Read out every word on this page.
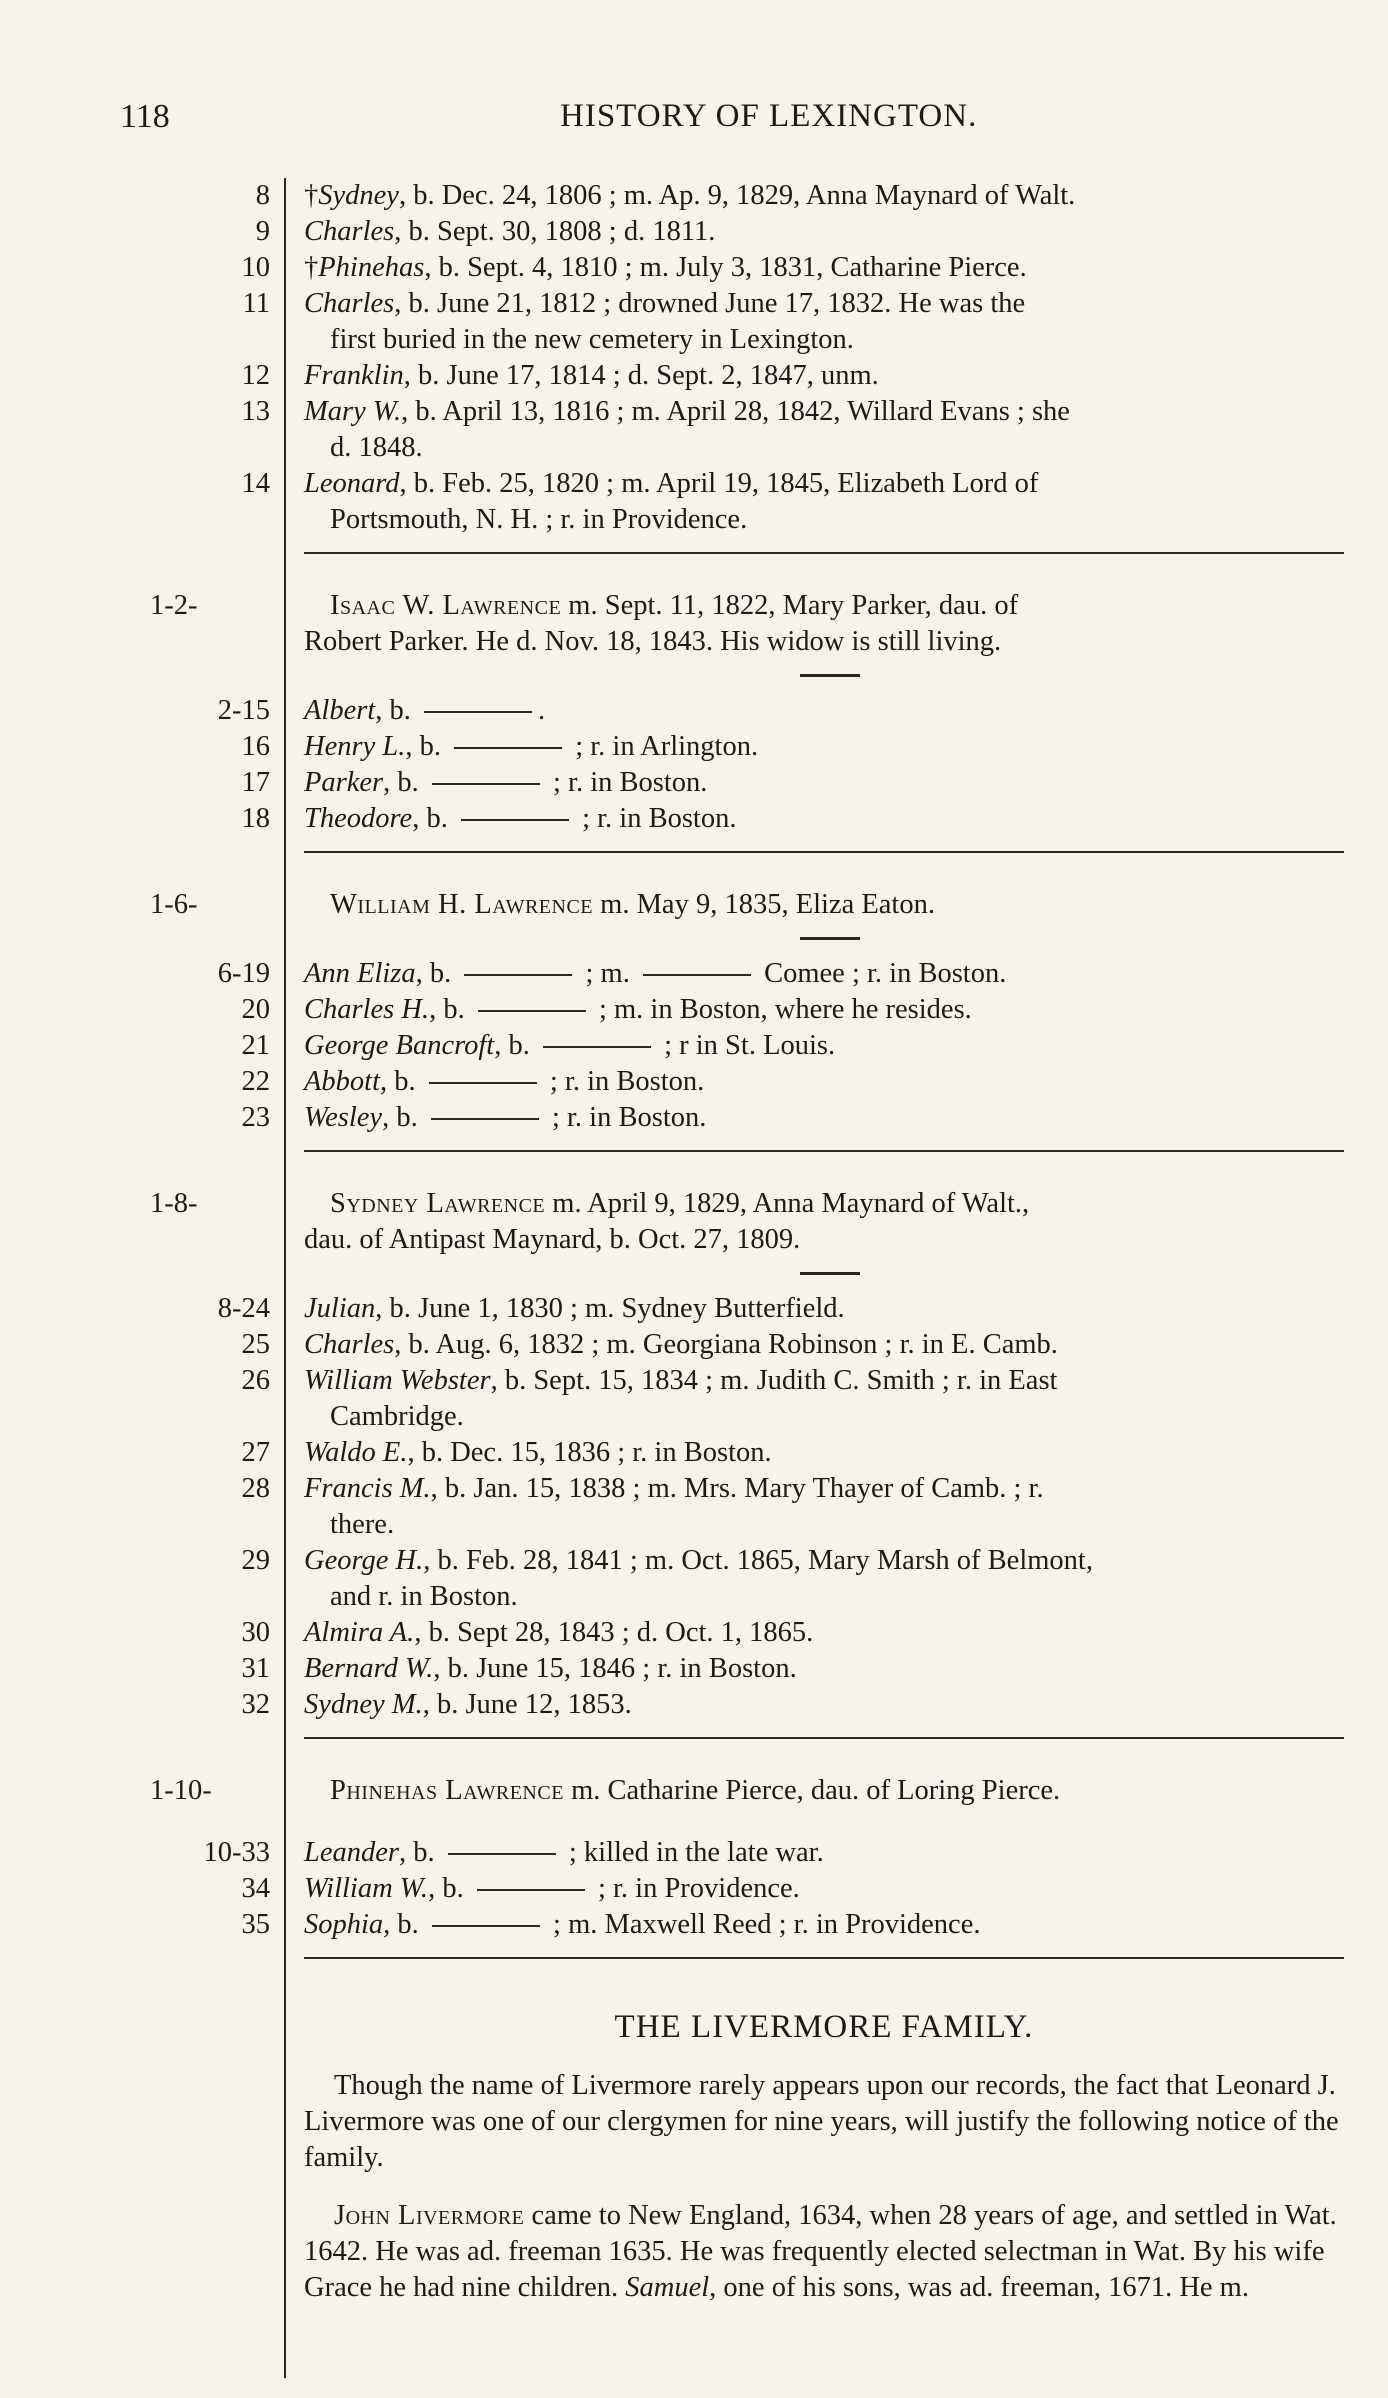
118	HISTORY OF LEXINGTON.
8 †Sydney, b. Dec. 24, 1806 ; m. Ap. 9, 1829, Anna Maynard of Walt.
9 Charles, b. Sept. 30, 1808 ; d. 1811.
10 †Phinehas, b. Sept. 4, 1810 ; m. July 3, 1831, Catharine Pierce.
11 Charles, b. June 21, 1812 ; drowned June 17, 1832. He was the
first buried in the new cemetery in Lexington.
12 Franklin, b. June 17, 1814 ; d. Sept. 2, 1847, unm.
13 Mary W., b. April 13, 1816 ; m. April 28, 1842, Willard Evans ; she
d. 1848.
14 Leonard, b. Feb. 25, 1820 ; m. April 19, 1845, Elizabeth Lord of
Portsmouth, N. H. ; r. in Providence.
1-2-	Isaac W. Lawrence m. Sept. 11, 1822, Mary Parker, dau. of
Robert Parker. He d. Nov. 18, 1843. His widow is still living.
2-15 Albert, b.	.
16 Henry L., b.	; r. in Arlington.
17 Parker, b.	; r. in Boston.
18 Theodore, b.	; r. in Boston.
1-6-	William H. Lawrence m. May 9, 1835, Eliza Eaton.
6-19 Ann Eliza, b.	; m.	Comee ; r. in Boston.
20 Charles H., b.	; m. in Boston, where he resides.
21 George Bancroft, b.	; r in St. Louis.
22 Abbott, b.	; r. in Boston.
23 Wesley, b.	; r. in Boston.
1-8-	Sydney Lawrence m. April 9, 1829, Anna Maynard of Walt.,
dau. of Antipast Maynard, b. Oct. 27, 1809.
8-24 Julian, b. June 1, 1830 ; m. Sydney Butterfield.
25 Charles, b. Aug. 6, 1832 ; m. Georgiana Robinson ; r. in E. Camb.
26 William Webster, b. Sept. 15, 1834 ; m. Judith C. Smith ; r. in East
Cambridge.
27 Waldo E., b. Dec. 15, 1836 ; r. in Boston.
28 Francis M., b. Jan. 15, 1838 ; m. Mrs. Mary Thayer of Camb. ; r.
there.
29 George H., b. Feb. 28, 1841 ; m. Oct. 1865, Mary Marsh of Belmont,
and r. in Boston.
30 Almira A., b. Sept 28, 1843 ; d. Oct. 1, 1865.
31 Bernard W., b. June 15, 1846 ; r. in Boston.
32 Sydney M., b. June 12, 1853.
1-10-	Phinehas Lawrence m. Catharine Pierce, dau. of Loring Pierce.
10-33 Leander, b.	; killed in the late war.
34 William W., b.	; r. in Providence.
35 Sophia, b.	; m. Maxwell Reed ; r. in Providence.
THE LIVERMORE FAMILY.
Though the name of Livermore rarely appears upon our records, the fact that Leonard J. Livermore was one of our clergymen for nine years, will justify the following notice of the family.
John Livermore came to New England, 1634, when 28 years of age, and settled in Wat. 1642. He was ad. freeman 1635. He was frequently elected selectman in Wat. By his wife Grace he had nine children. Samuel, one of his sons, was ad. freeman, 1671. He m.
